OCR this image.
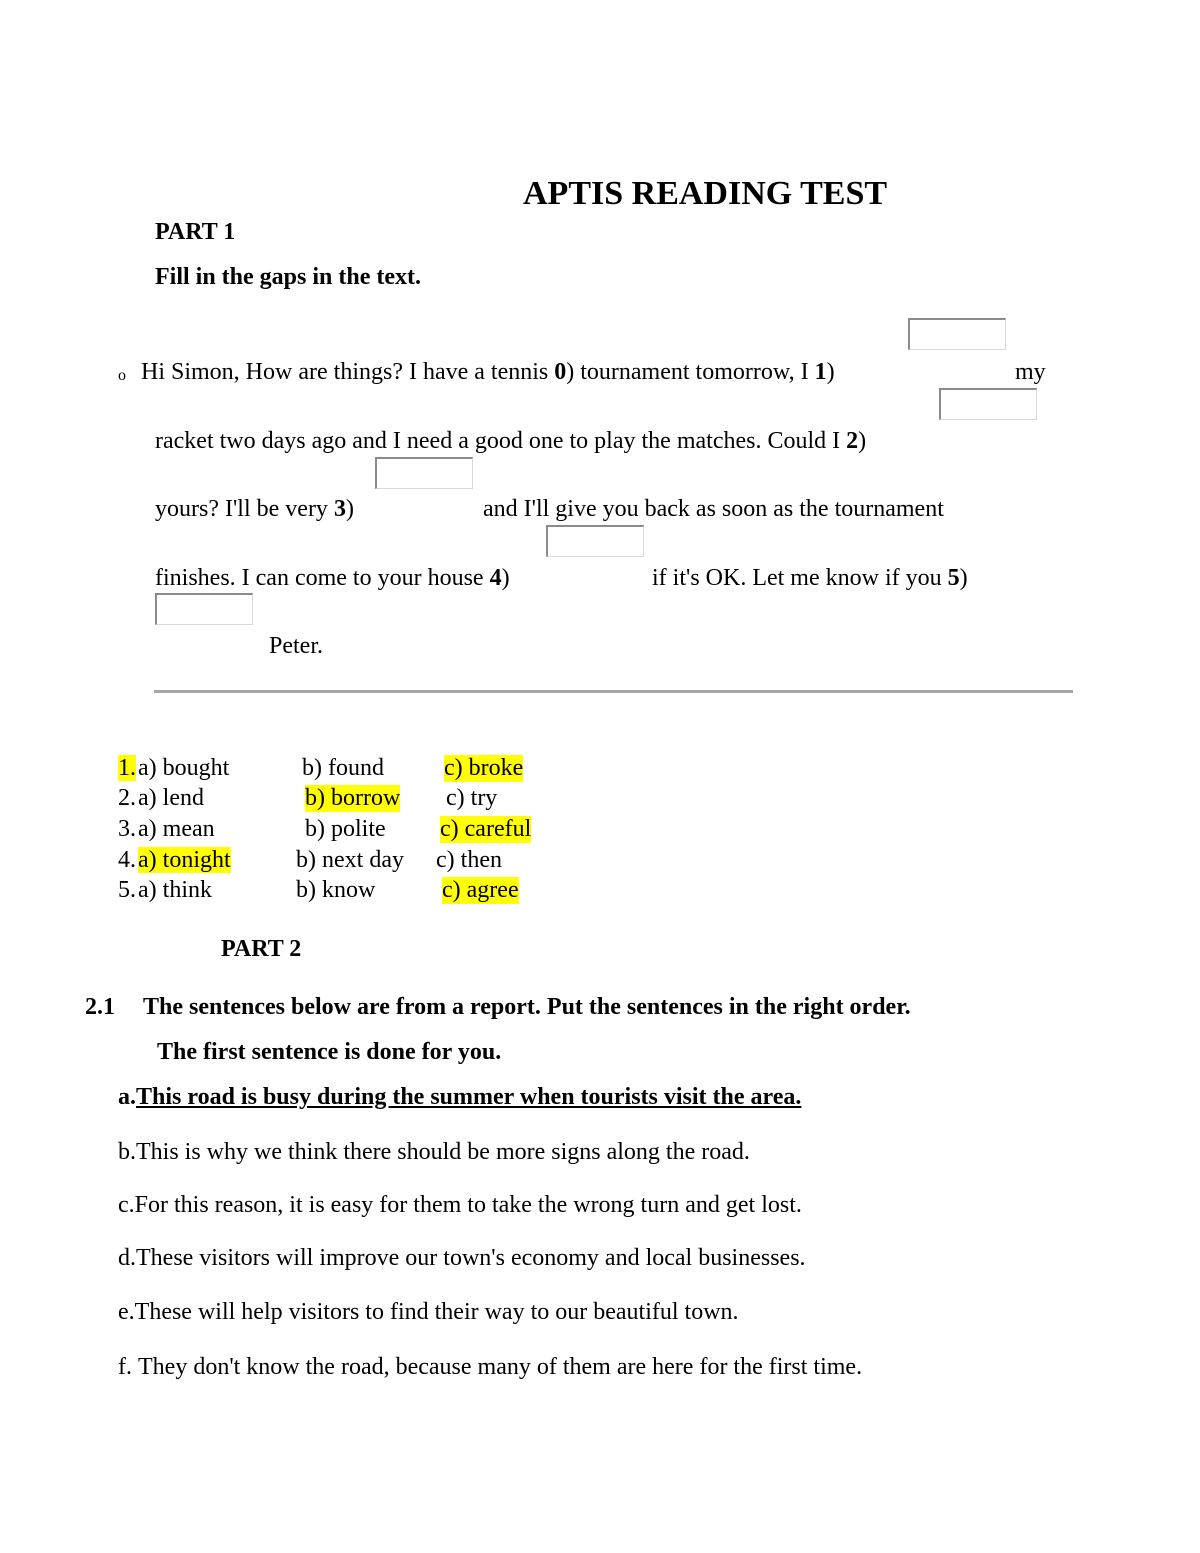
APTIS READING TEST
PART 1
Fill in the gaps in the text.
o Hi Simon, How are things? I have a tennis 0) tournament tomorrow, I 1)	my
racket two days ago and I need a good one to play the matches. Could I 2)
yours? I'll be very 3)	and I'll give you back as soon as the tournament
finishes. I can come to your house 4)	if it's OK. Let me know if you 5)
Peter.
1. a) bought	b) found	c) broke
2. a) lend	b) borrow c) try
3. a) mean	b) polite c) careful
4. a) tonight	b) next day c) then
5. a) think	b) know	c) agree
PART 2
2.1 The sentences below are from a report. Put the sentences in the right order.
The first sentence is done for you.
a.This road is busy during the summer when tourists visit the area.
b.This is why we think there should be more signs along the road.
c.For this reason, it is easy for them to take the wrong turn and get lost.
d.These visitors will improve our town's economy and local businesses.
e.These will help visitors to find their way to our beautiful town.
f. They don't know the road, because many of them are here for the first time.
